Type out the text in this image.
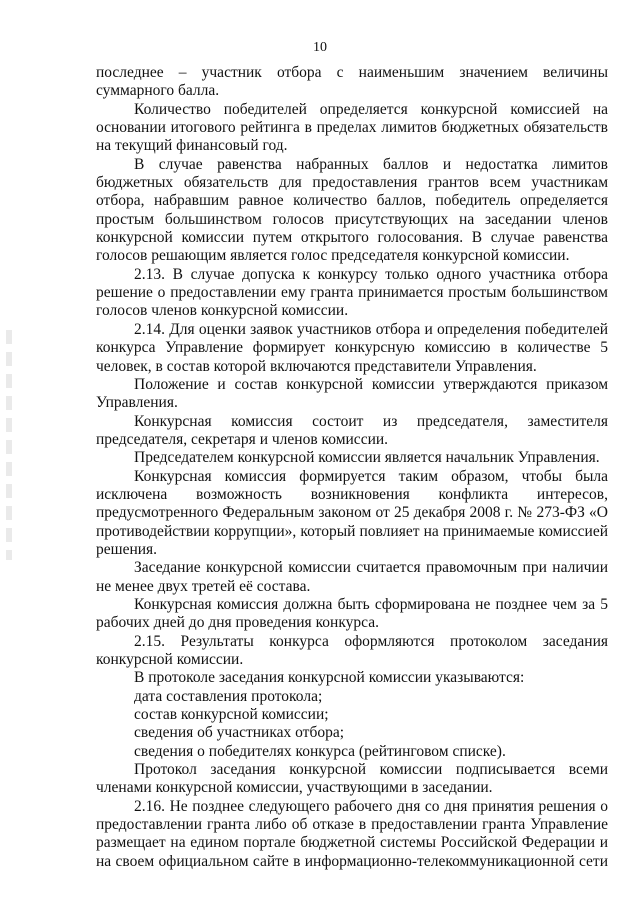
10

последнее – участник отбора с наименьшим значением величины суммарного балла.

Количество победителей определяется конкурсной комиссией на основании итогового рейтинга в пределах лимитов бюджетных обязательств на текущий финансовый год.

В случае равенства набранных баллов и недостатка лимитов бюджетных обязательств для предоставления грантов всем участникам отбора, набравшим равное количество баллов, победитель определяется простым большинством голосов присутствующих на заседании членов конкурсной комиссии путем открытого голосования. В случае равенства голосов решающим является голос председателя конкурсной комиссии.

2.13. В случае допуска к конкурсу только одного участника отбора решение о предоставлении ему гранта принимается простым большинством голосов членов конкурсной комиссии.

2.14. Для оценки заявок участников отбора и определения победителей конкурса Управление формирует конкурсную комиссию в количестве 5 человек, в состав которой включаются представители Управления.

Положение и состав конкурсной комиссии утверждаются приказом Управления.

Конкурсная комиссия состоит из председателя, заместителя председателя, секретаря и членов комиссии.

Председателем конкурсной комиссии является начальник Управления.

Конкурсная комиссия формируется таким образом, чтобы была исключена возможность возникновения конфликта интересов, предусмотренного Федеральным законом от 25 декабря 2008 г. № 273-ФЗ «О противодействии коррупции», который повлияет на принимаемые комиссией решения.

Заседание конкурсной комиссии считается правомочным при наличии не менее двух третей её состава.

Конкурсная комиссия должна быть сформирована не позднее чем за 5 рабочих дней до дня проведения конкурса.

2.15. Результаты конкурса оформляются протоколом заседания конкурсной комиссии.

В протоколе заседания конкурсной комиссии указываются:

дата составления протокола;

состав конкурсной комиссии;

сведения об участниках отбора;

сведения о победителях конкурса (рейтинговом списке).

Протокол заседания конкурсной комиссии подписывается всеми членами конкурсной комиссии, участвующими в заседании.

2.16. Не позднее следующего рабочего дня со дня принятия решения о предоставлении гранта либо об отказе в предоставлении гранта Управление размещает на едином портале бюджетной системы Российской Федерации и на своем официальном сайте в информационно-телекоммуникационной сети
